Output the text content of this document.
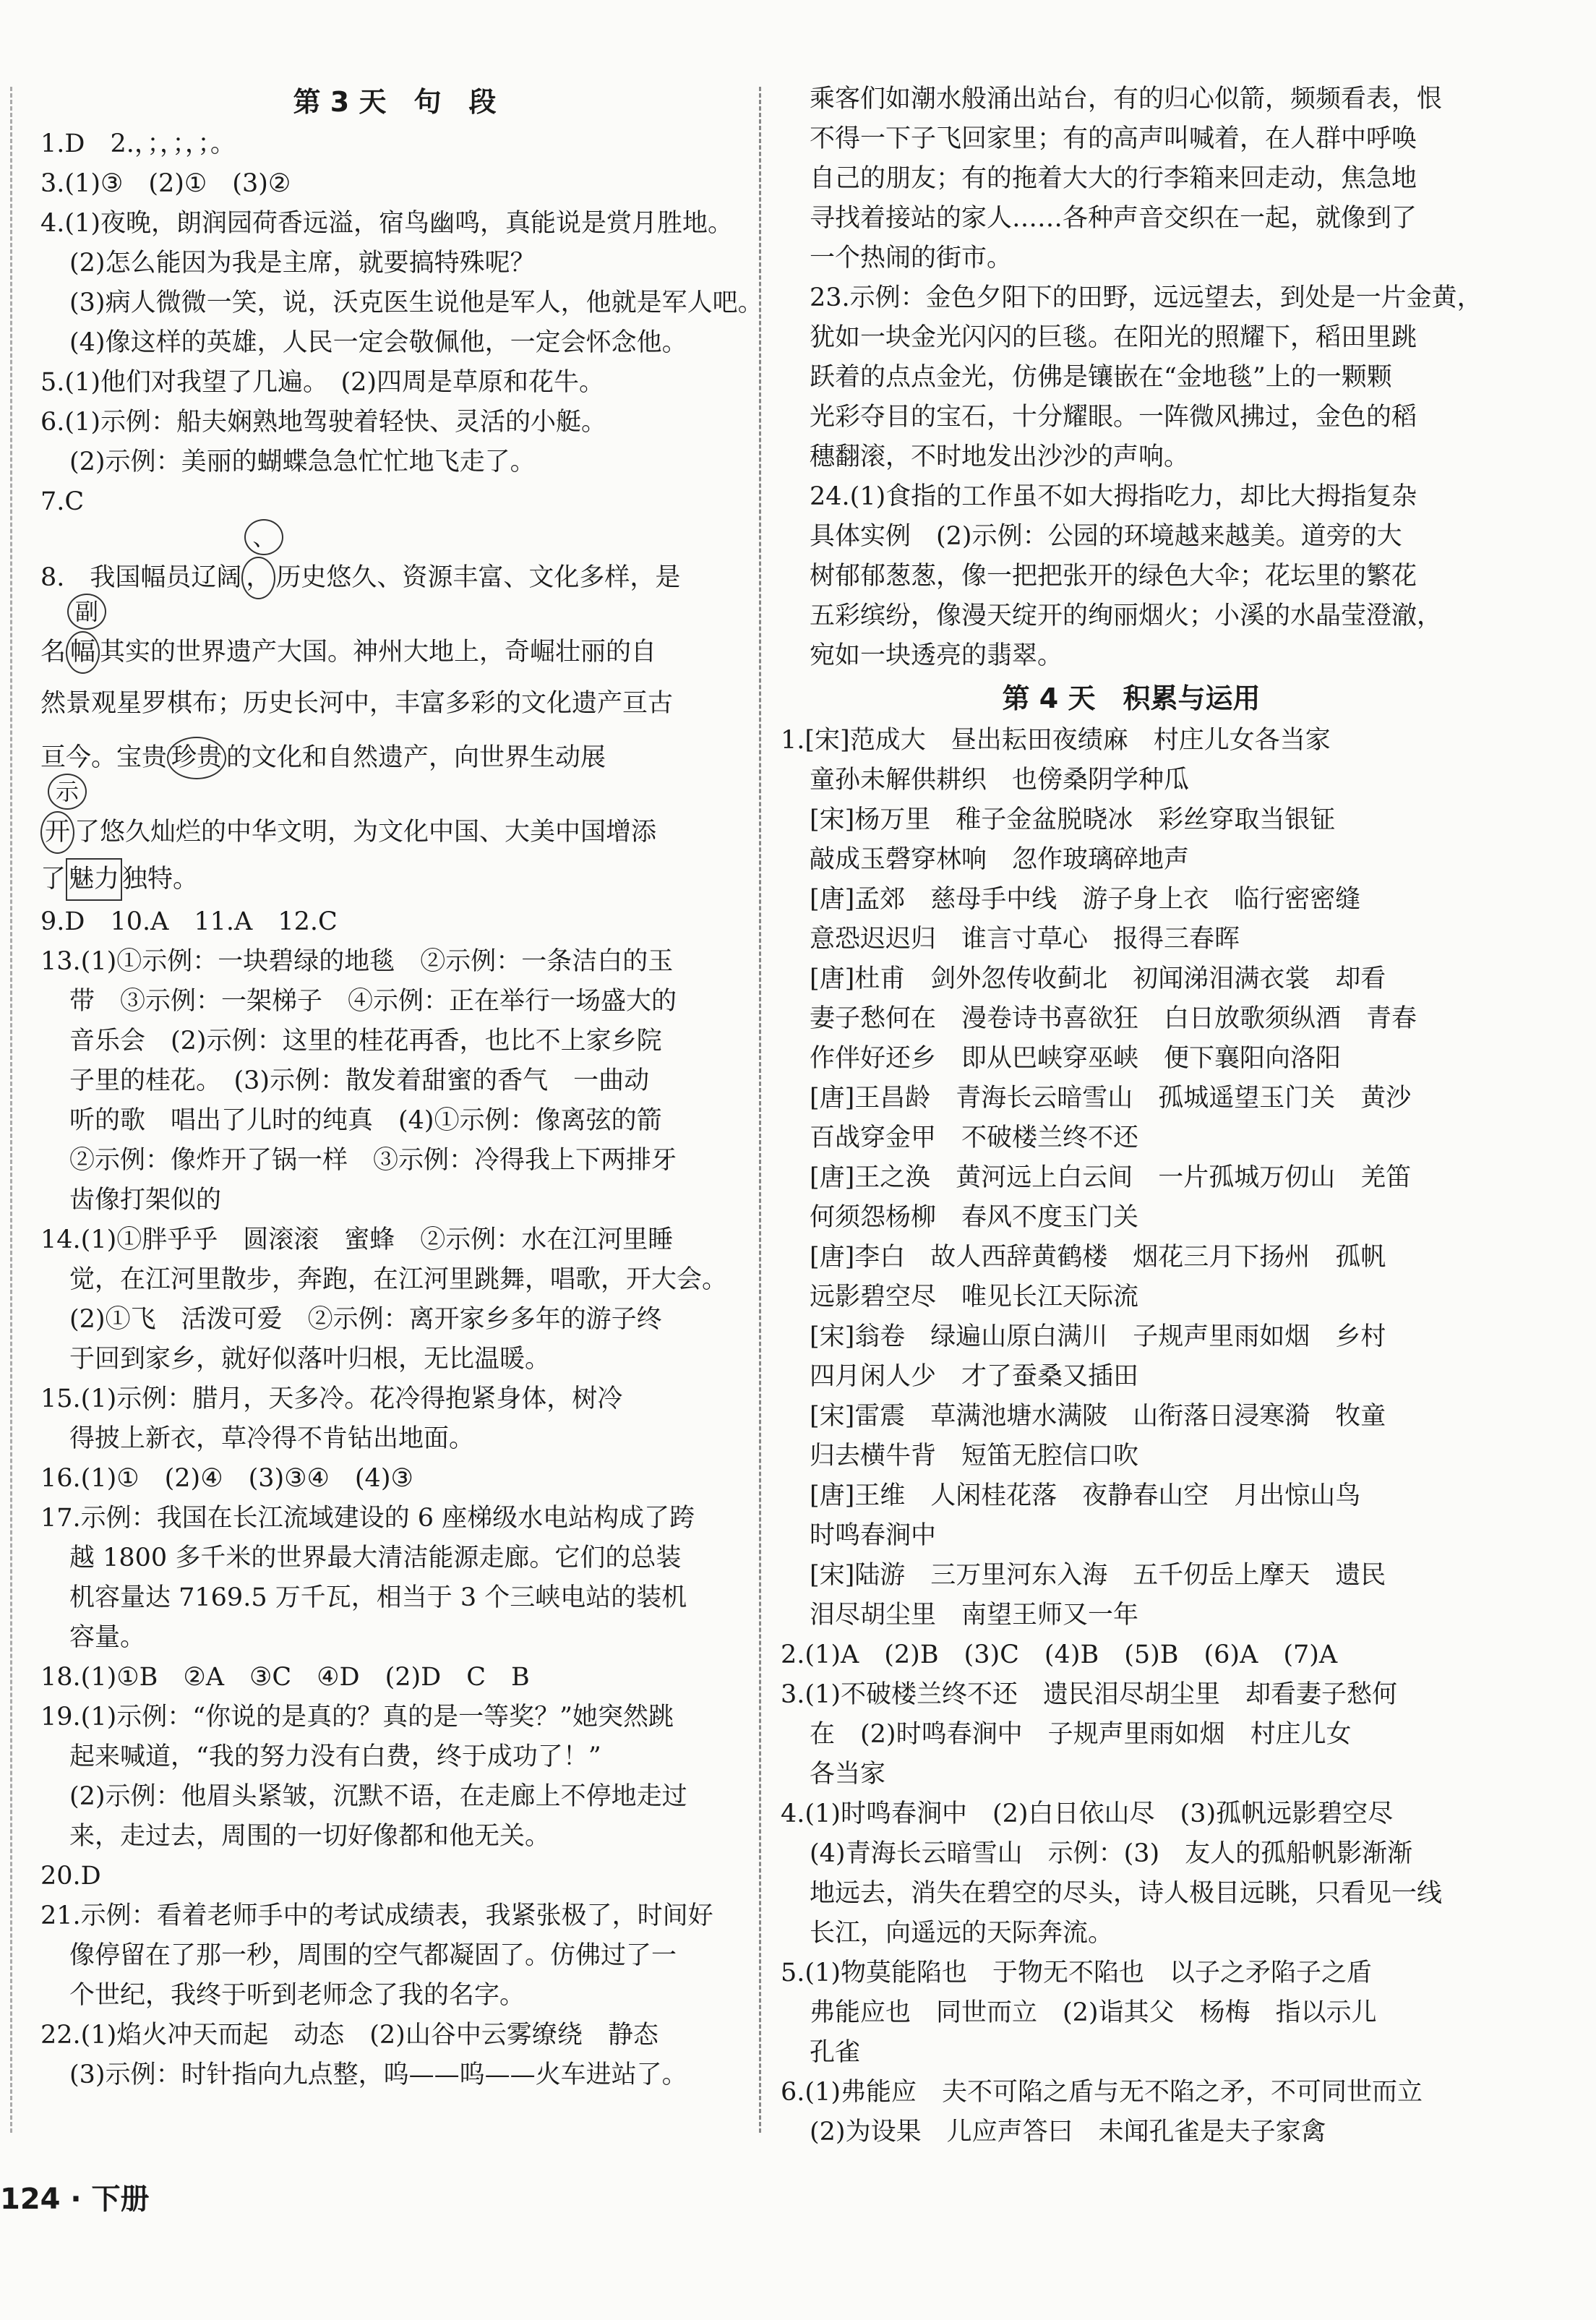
第 3 天　句　段
1.D　2.，；，；，；。
3.(1)③　(2)①　(3)②
4.(1)夜晚，朗润园荷香远溢，宿鸟幽鸣，真能说是赏月胜地。
(2)怎么能因为我是主席，就要搞特殊呢？
(3)病人微微一笑，说，沃克医生说他是军人，他就是军人吧。
(4)像这样的英雄，人民一定会敬佩他，一定会怀念他。
5.(1)他们对我望了几遍。　(2)四周是草原和花牛。
6.(1)示例：船夫娴熟地驾驶着轻快、灵活的小艇。
(2)示例：美丽的蝴蝶急急忙忙地飞走了。
7.C
8.　我国幅员辽阔
、
， 历史悠久、资源丰富、文化多样，是
名
副
幅 其实的世界遗产大国。神州大地上，奇崛壮丽的自
然景观星罗棋布；历史长河中，丰富多彩的文化遗产亘古
亘今。宝贵 珍贵 的文化和自然遗产，向世界生动展
示
开 了悠久灿烂的中华文明，为文化中国、大美中国增添
了 魅力 独特。
9.D　10.A　11.A　12.C
13.(1)①示例：一块碧绿的地毯　②示例：一条洁白的玉
带　③示例：一架梯子　④示例：正在举行一场盛大的
音乐会　(2)示例：这里的桂花再香，也比不上家乡院
子里的桂花。　(3)示例：散发着甜蜜的香气　一曲动
听的歌　唱出了儿时的纯真　(4)①示例：像离弦的箭
②示例：像炸开了锅一样　③示例：冷得我上下两排牙
齿像打架似的
14.(1)①胖乎乎　圆滚滚　蜜蜂　②示例：水在江河里睡
觉，在江河里散步，奔跑，在江河里跳舞，唱歌，开大会。
(2)①飞　活泼可爱　②示例：离开家乡多年的游子终
于回到家乡，就好似落叶归根，无比温暖。
15.(1)示例：腊月，天多冷。花冷得抱紧身体，树冷
得披上新衣，草冷得不肯钻出地面。
16.(1)①　(2)④　(3)③④　(4)③
17.示例：我国在长江流域建设的 6 座梯级水电站构成了跨
越 1800 多千米的世界最大清洁能源走廊。它们的总装
机容量达 7169.5 万千瓦，相当于 3 个三峡电站的装机
容量。
18.(1)①B　②A　③C　④D　(2)D　C　B
19.(1)示例：“你说的是真的？真的是一等奖？”她突然跳
起来喊道，“我的努力没有白费，终于成功了！”
(2)示例：他眉头紧皱，沉默不语，在走廊上不停地走过
来，走过去，周围的一切好像都和他无关。
20.D
21.示例：看着老师手中的考试成绩表，我紧张极了，时间好
像停留在了那一秒，周围的空气都凝固了。仿佛过了一
个世纪，我终于听到老师念了我的名字。
22.(1)焰火冲天而起　动态　(2)山谷中云雾缭绕　静态
(3)示例：时针指向九点整，呜——呜——火车进站了。
乘客们如潮水般涌出站台，有的归心似箭，频频看表，恨
不得一下子飞回家里；有的高声叫喊着，在人群中呼唤
自己的朋友；有的拖着大大的行李箱来回走动，焦急地
寻找着接站的家人……各种声音交织在一起，就像到了
一个热闹的街市。
23.示例：金色夕阳下的田野，远远望去，到处是一片金黄，
犹如一块金光闪闪的巨毯。在阳光的照耀下，稻田里跳
跃着的点点金光，仿佛是镶嵌在“金地毯”上的一颗颗
光彩夺目的宝石，十分耀眼。一阵微风拂过，金色的稻
穗翻滚，不时地发出沙沙的声响。
24.(1)食指的工作虽不如大拇指吃力，却比大拇指复杂
具体实例　(2)示例：公园的环境越来越美。道旁的大
树郁郁葱葱，像一把把张开的绿色大伞；花坛里的繁花
五彩缤纷，像漫天绽开的绚丽烟火；小溪的水晶莹澄澈，
宛如一块透亮的翡翠。
第 4 天　积累与运用
1.[宋]范成大　昼出耘田夜绩麻　村庄儿女各当家
童孙未解供耕织　也傍桑阴学种瓜
[宋]杨万里　稚子金盆脱晓冰　彩丝穿取当银钲
敲成玉磬穿林响　忽作玻璃碎地声
[唐]孟郊　慈母手中线　游子身上衣　临行密密缝
意恐迟迟归　谁言寸草心　报得三春晖
[唐]杜甫　剑外忽传收蓟北　初闻涕泪满衣裳　却看
妻子愁何在　漫卷诗书喜欲狂　白日放歌须纵酒　青春
作伴好还乡　即从巴峡穿巫峡　便下襄阳向洛阳
[唐]王昌龄　青海长云暗雪山　孤城遥望玉门关　黄沙
百战穿金甲　不破楼兰终不还
[唐]王之涣　黄河远上白云间　一片孤城万仞山　羌笛
何须怨杨柳　春风不度玉门关
[唐]李白　故人西辞黄鹤楼　烟花三月下扬州　孤帆
远影碧空尽　唯见长江天际流
[宋]翁卷　绿遍山原白满川　子规声里雨如烟　乡村
四月闲人少　才了蚕桑又插田
[宋]雷震　草满池塘水满陂　山衔落日浸寒漪　牧童
归去横牛背　短笛无腔信口吹
[唐]王维　人闲桂花落　夜静春山空　月出惊山鸟
时鸣春涧中
[宋]陆游　三万里河东入海　五千仞岳上摩天　遗民
泪尽胡尘里　南望王师又一年
2.(1)A　(2)B　(3)C　(4)B　(5)B　(6)A　(7)A
3.(1)不破楼兰终不还　遗民泪尽胡尘里　却看妻子愁何
在　(2)时鸣春涧中　子规声里雨如烟　村庄儿女
各当家
4.(1)时鸣春涧中　(2)白日依山尽　(3)孤帆远影碧空尽
(4)青海长云暗雪山　示例：(3)　友人的孤船帆影渐渐
地远去，消失在碧空的尽头，诗人极目远眺，只看见一线
长江，向遥远的天际奔流。
5.(1)物莫能陷也　于物无不陷也　以子之矛陷子之盾
弗能应也　同世而立　(2)诣其父　杨梅　指以示儿
孔雀
6.(1)弗能应　夫不可陷之盾与无不陷之矛，不可同世而立
(2)为设果　儿应声答曰　未闻孔雀是夫子家禽
124 · 下册
